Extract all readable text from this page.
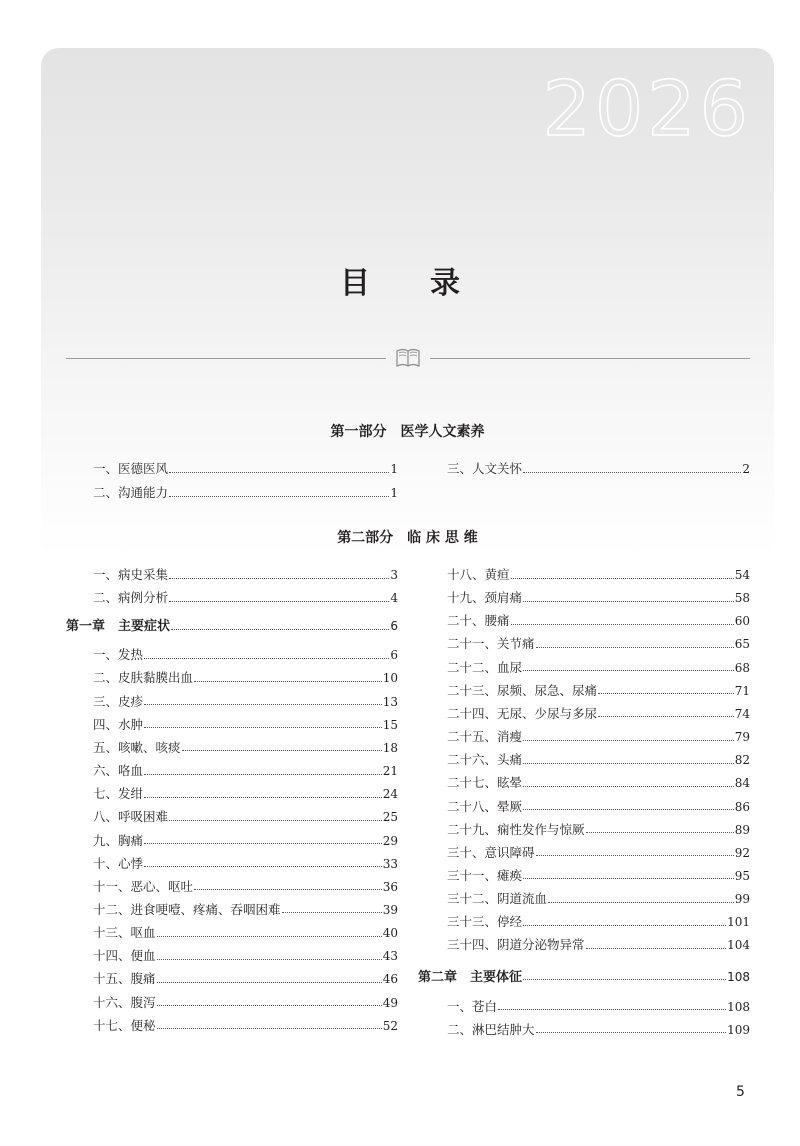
2026
目　　录
第一部分　医学人文素养
一、医德医风	1
二、沟通能力	1
三、人文关怀	2
第二部分　临 床 思 维
一、病史采集	3
二、病例分析	4
第一章　主要症状	6
一、发热	6
二、皮肤黏膜出血	10
三、皮疹	13
四、水肿	15
五、咳嗽、咳痰	18
六、咯血	21
七、发绀	24
八、呼吸困难	25
九、胸痛	29
十、心悸	33
十一、恶心、呕吐	36
十二、进食哽噎、疼痛、吞咽困难	39
十三、呕血	40
十四、便血	43
十五、腹痛	46
十六、腹泻	49
十七、便秘	52
十八、黄疸	54
十九、颈肩痛	58
二十、腰痛	60
二十一、关节痛	65
二十二、血尿	68
二十三、尿频、尿急、尿痛	71
二十四、无尿、少尿与多尿	74
二十五、消瘦	79
二十六、头痛	82
二十七、眩晕	84
二十八、晕厥	86
二十九、痫性发作与惊厥	89
三十、意识障碍	92
三十一、瘫痪	95
三十二、阴道流血	99
三十三、停经	101
三十四、阴道分泌物异常	104
第二章　主要体征	108
一、苍白	108
二、淋巴结肿大	109
5
